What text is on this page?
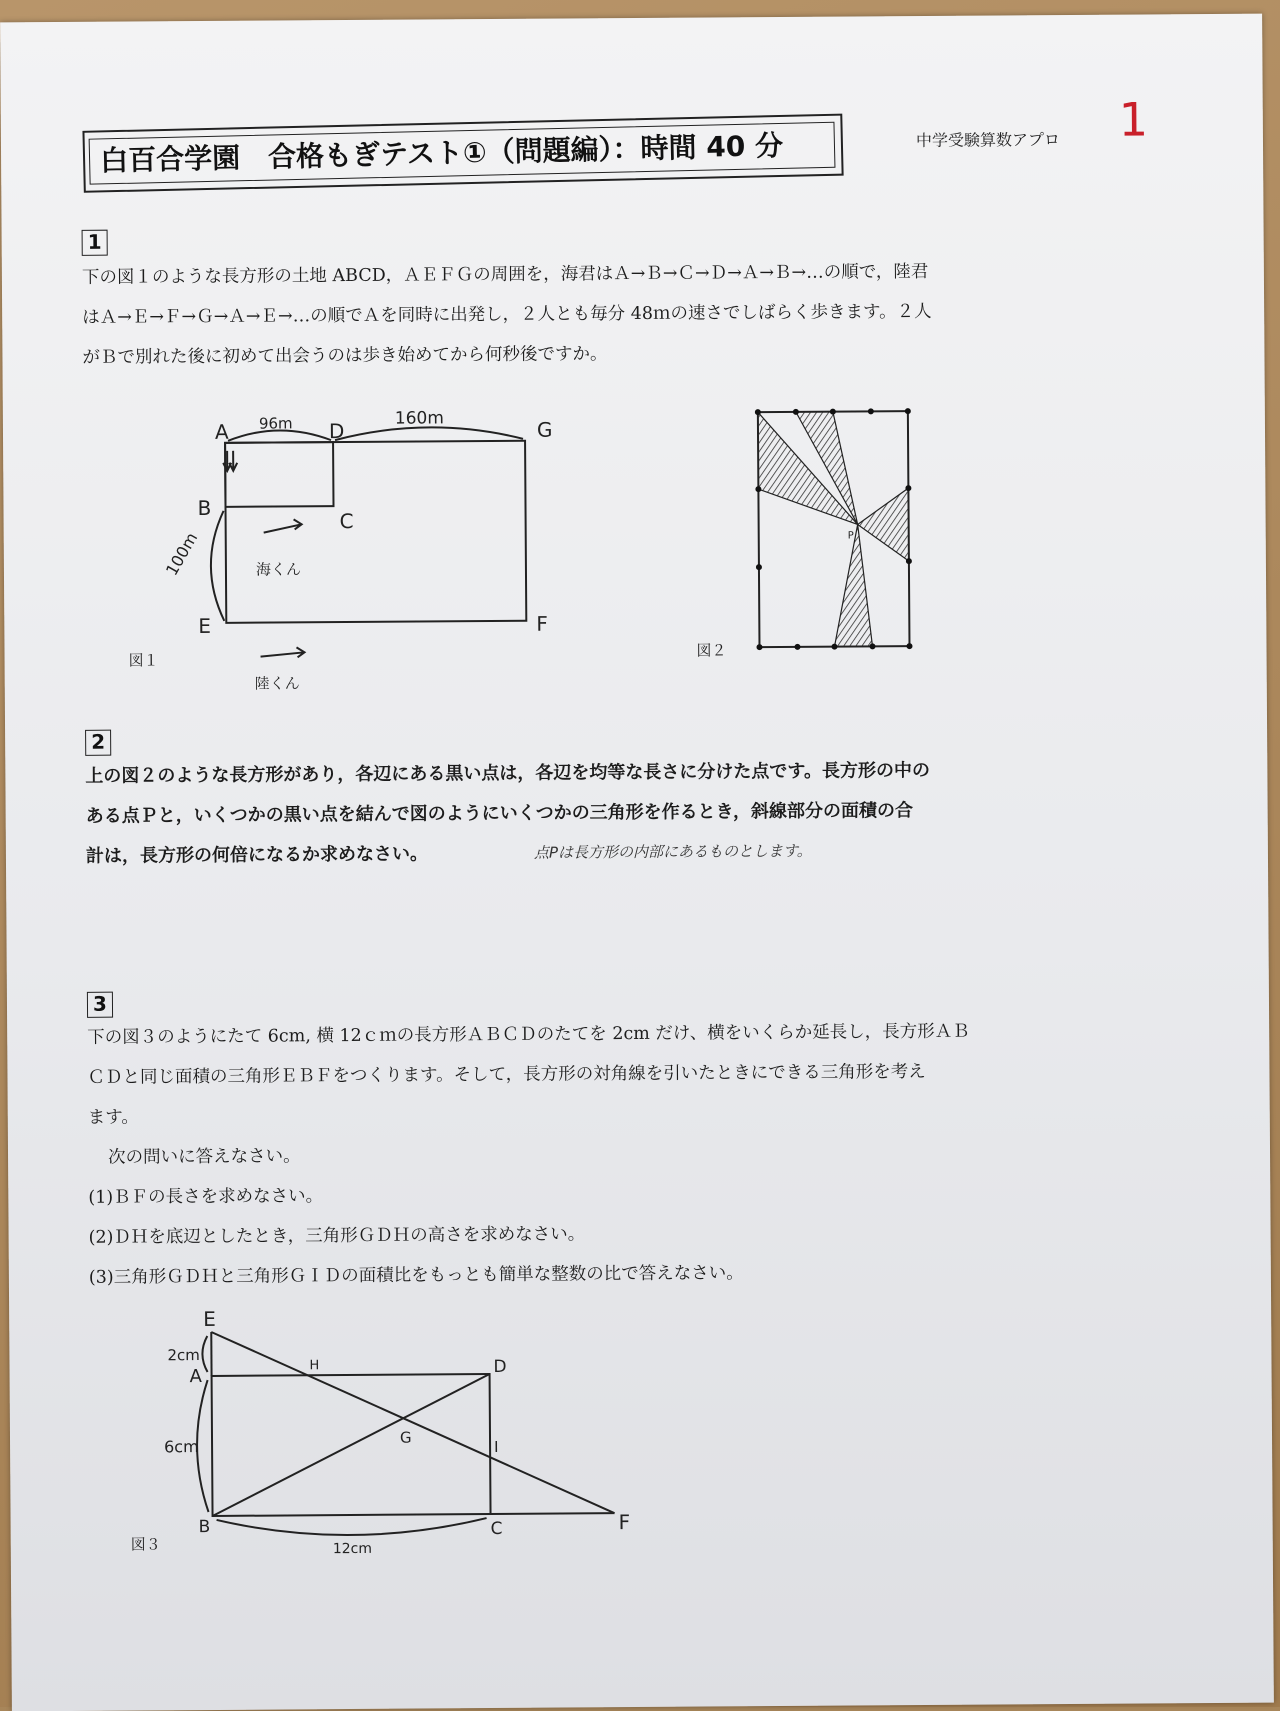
白百合学園　合格もぎテスト①（問題編）：時間 40 分	中学受験算数アプロ 1
1
下の図１のような長方形の土地 ABCD，ＡＥＦＧの周囲を，海君はＡ→Ｂ→Ｃ→Ｄ→Ａ→Ｂ→…の順で，陸君
はＡ→Ｅ→Ｆ→Ｇ→Ａ→Ｅ→…の順でＡを同時に出発し，２人とも毎分 48ｍの速さでしばらく歩きます。２人
がＢで別れた後に初めて出会うのは歩き始めてから何秒後ですか。
A	D	G
B
C
E	F
96m	160m
100m	海くん
陸くん
図１
P
図２
2
上の図２のような長方形があり，各辺にある黒い点は，各辺を均等な長さに分けた点です。長方形の中の
ある点Ｐと，いくつかの黒い点を結んで図のようにいくつかの三角形を作るとき，斜線部分の面積の合
計は，長方形の何倍になるか求めなさい。	点Pは長方形の内部にあるものとします。
3
下の図３のようにたて 6cm, 横 12ｃｍの長方形ＡＢＣＤのたてを 2cm だけ、横をいくらか延長し，長方形ＡＢ
ＣＤと同じ面積の三角形ＥＢＦをつくります。そして，長方形の対角線を引いたときにできる三角形を考え
ます。
次の問いに答えなさい。
(1)ＢＦの長さを求めなさい。
(2)ＤＨを底辺としたとき，三角形ＧＤＨの高さを求めなさい。
(3)三角形ＧＤＨと三角形ＧＩＤの面積比をもっとも簡単な整数の比で答えなさい。
E
A
H	D
G
I
B	C	F
2cm
6cm
12cm
図３
